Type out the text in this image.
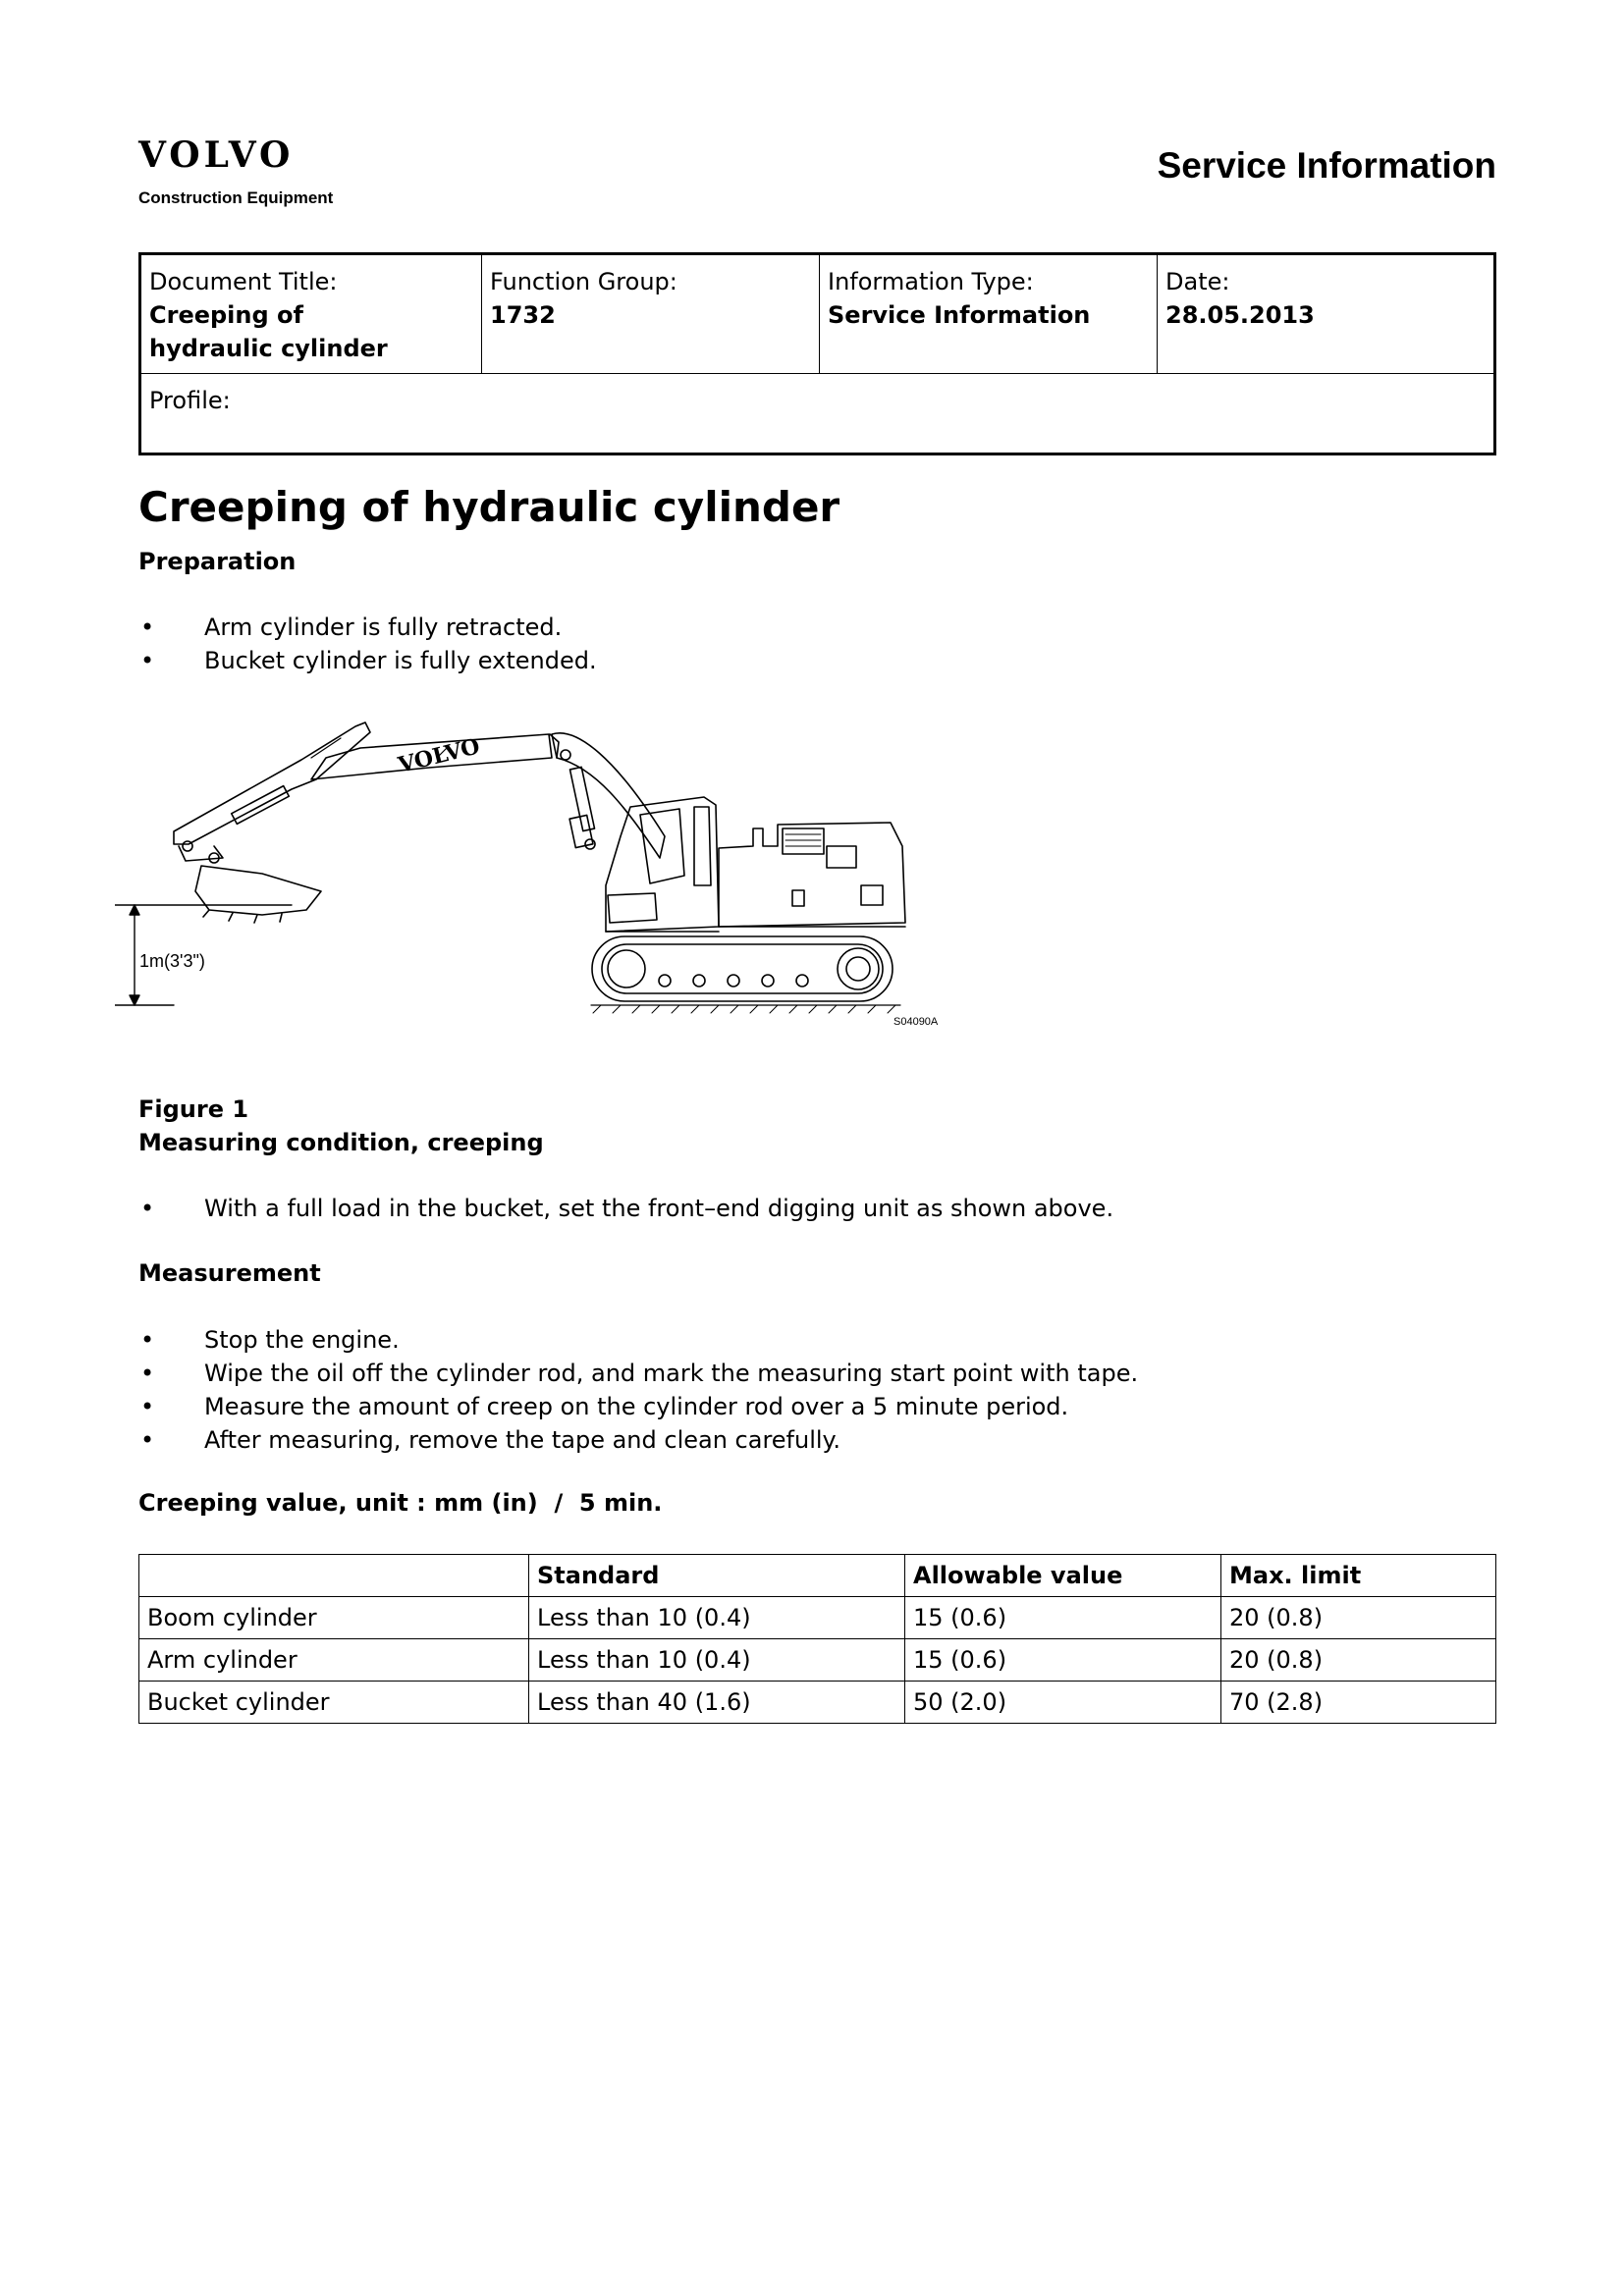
VOLVO
Construction Equipment
Service Information
Document Title:
Creeping of hydraulic cylinder

Function Group:
1732

Information Type:
Service Information

Date:
28.05.2013

Profile:
Creeping of hydraulic cylinder
Preparation
• Arm cylinder is fully retracted.
• Bucket cylinder is fully extended.
1m(3'3")
VOLVO
S04090A
Figure 1
Measuring condition, creeping
• With a full load in the bucket, set the front–end digging unit as shown above.
Measurement
• Stop the engine.
• Wipe the oil off the cylinder rod, and mark the measuring start point with tape.
• Measure the amount of creep on the cylinder rod over a 5 minute period.
• After measuring, remove the tape and clean carefully.
Creeping value, unit : mm (in)  /  5 min.
	Standard	Allowable value	Max. limit
Boom cylinder	Less than 10 (0.4)	15 (0.6)	20 (0.8)
Arm cylinder	Less than 10 (0.4)	15 (0.6)	20 (0.8)
Bucket cylinder	Less than 40 (1.6)	50 (2.0)	70 (2.8)
